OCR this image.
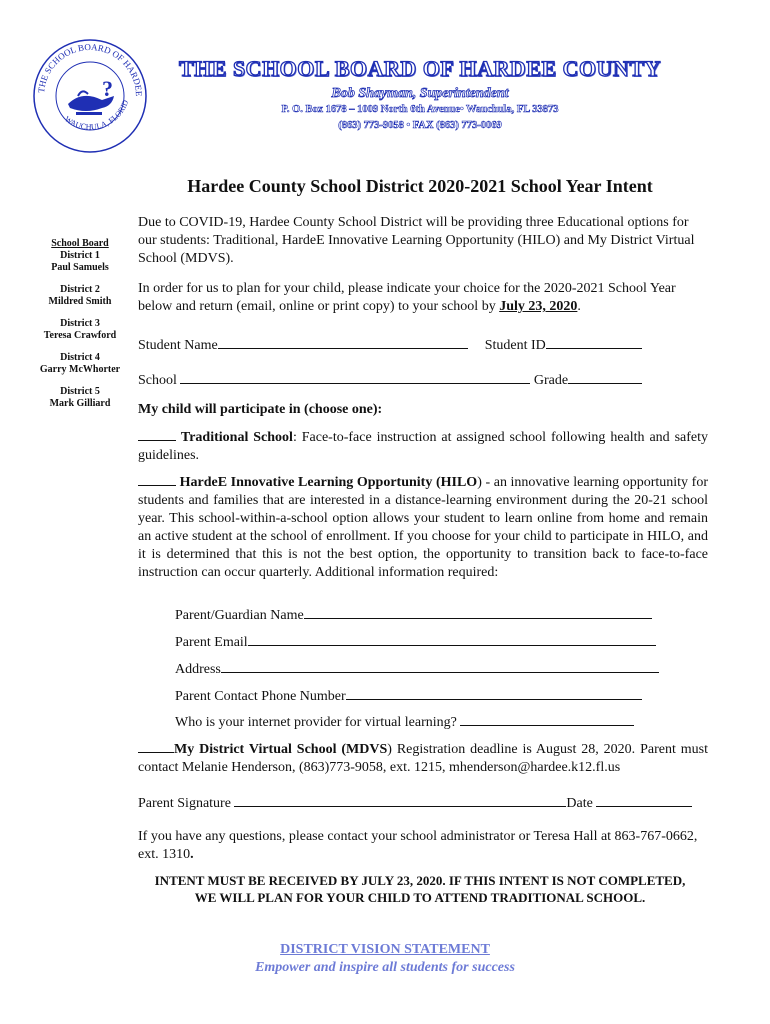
THE SCHOOL BOARD OF HARDEE
WAUCHULA, FLORID
?
THE SCHOOL BOARD OF HARDEE COUNTY
Bob Shayman, Superintendent
P. O. Box 1678 – 1009 North 6th Avenue• Wauchula, FL 33873
(863) 773-9058 • FAX (863) 773-0069
Hardee County School District 2020-2021 School Year Intent
School Board
District 1
Paul Samuels
District 2
Mildred Smith
District 3
Teresa Crawford
District 4
Garry McWhorter
District 5
Mark Gilliard
Due to COVID-19, Hardee County School District will be providing three Educational options for our students: Traditional, HardeE Innovative Learning Opportunity (HILO) and My District Virtual School (MDVS).
In order for us to plan for your child, please indicate your choice for the 2020-2021 School Year below and return (email, online or print copy) to your school by July 23, 2020.
Student Name	Student ID
School	Grade
My child will participate in (choose one):
Traditional School: Face-to-face instruction at assigned school following health and safety guidelines.
HardeE Innovative Learning Opportunity (HILO) - an innovative learning opportunity for students and families that are interested in a distance-learning environment during the 20-21 school year. This school-within-a-school option allows your student to learn online from home and remain an active student at the school of enrollment. If you choose for your child to participate in HILO, and it is determined that this is not the best option, the opportunity to transition back to face-to-face instruction can occur quarterly. Additional information required:
Parent/Guardian Name
Parent Email
Address
Parent Contact Phone Number
Who is your internet provider for virtual learning?
My District Virtual School (MDVS) Registration deadline is August 28, 2020. Parent must contact Melanie Henderson, (863)773-9058, ext. 1215, mhenderson@hardee.k12.fl.us
Parent Signature	Date
If you have any questions, please contact your school administrator or Teresa Hall at 863-767-0662, ext. 1310.
INTENT MUST BE RECEIVED BY JULY 23, 2020. IF THIS INTENT IS NOT COMPLETED,
WE WILL PLAN FOR YOUR CHILD TO ATTEND TRADITIONAL SCHOOL.
DISTRICT VISION STATEMENT
Empower and inspire all students for success
